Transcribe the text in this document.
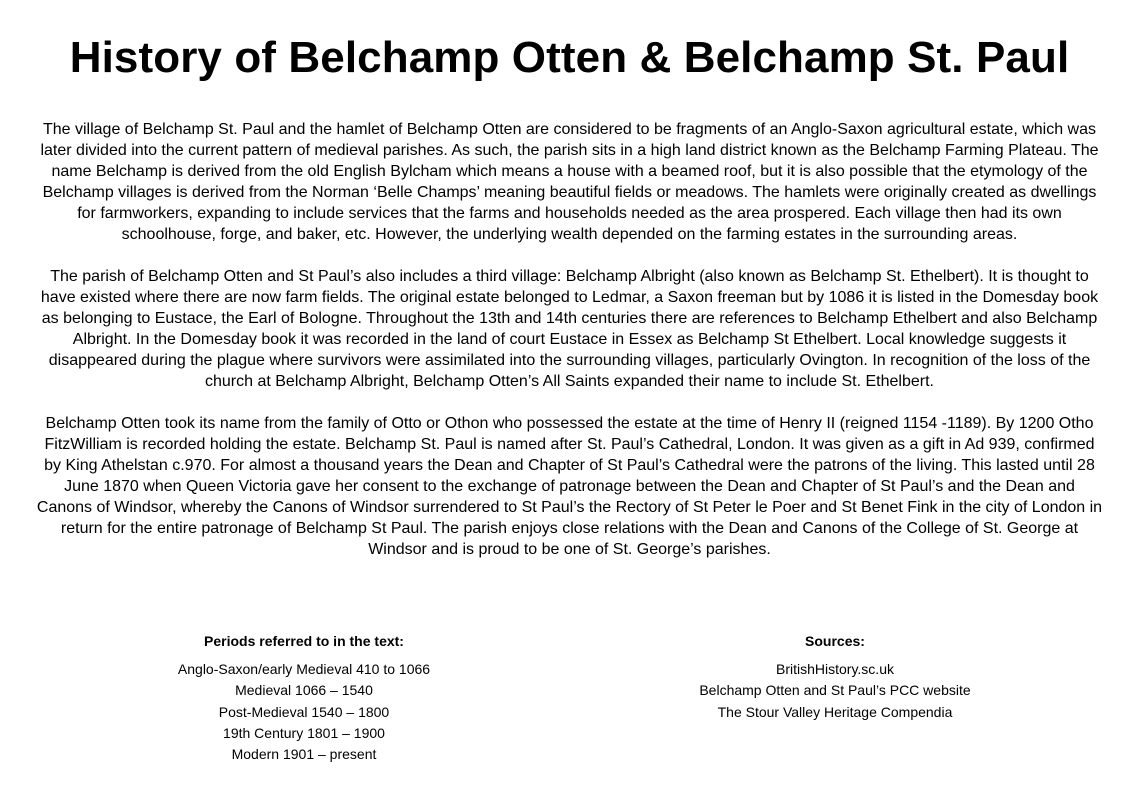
History of Belchamp Otten & Belchamp St. Paul

The village of Belchamp St. Paul and the hamlet of Belchamp Otten are considered to be fragments of an Anglo-Saxon agricultural estate, which was later divided into the current pattern of medieval parishes. As such, the parish sits in a high land district known as the Belchamp Farming Plateau. The name Belchamp is derived from the old English Bylcham which means a house with a beamed roof, but it is also possible that the etymology of the Belchamp villages is derived from the Norman ‘Belle Champs’ meaning beautiful fields or meadows. The hamlets were originally created as dwellings for farmworkers, expanding to include services that the farms and households needed as the area prospered. Each village then had its own schoolhouse, forge, and baker, etc. However, the underlying wealth depended on the farming estates in the surrounding areas.

The parish of Belchamp Otten and St Paul’s also includes a third village: Belchamp Albright (also known as Belchamp St. Ethelbert). It is thought to have existed where there are now farm fields. The original estate belonged to Ledmar, a Saxon freeman but by 1086 it is listed in the Domesday book as belonging to Eustace, the Earl of Bologne. Throughout the 13th and 14th centuries there are references to Belchamp Ethelbert and also Belchamp Albright. In the Domesday book it was recorded in the land of court Eustace in Essex as Belchamp St Ethelbert. Local knowledge suggests it disappeared during the plague where survivors were assimilated into the surrounding villages, particularly Ovington. In recognition of the loss of the church at Belchamp Albright, Belchamp Otten’s All Saints expanded their name to include St. Ethelbert.

Belchamp Otten took its name from the family of Otto or Othon who possessed the estate at the time of Henry II (reigned 1154 -1189). By 1200 Otho FitzWilliam is recorded holding the estate. Belchamp St. Paul is named after St. Paul’s Cathedral, London. It was given as a gift in Ad 939, confirmed by King Athelstan c.970. For almost a thousand years the Dean and Chapter of St Paul’s Cathedral were the patrons of the living. This lasted until 28 June 1870 when Queen Victoria gave her consent to the exchange of patronage between the Dean and Chapter of St Paul’s and the Dean and Canons of Windsor, whereby the Canons of Windsor surrendered to St Paul’s the Rectory of St Peter le Poer and St Benet Fink in the city of London in return for the entire patronage of Belchamp St Paul. The parish enjoys close relations with the Dean and Canons of the College of St. George at Windsor and is proud to be one of St. George’s parishes.

Periods referred to in the text:
Anglo-Saxon/early Medieval 410 to 1066
Medieval 1066 – 1540
Post-Medieval 1540 – 1800
19th Century 1801 – 1900
Modern 1901 – present
Sources:
BritishHistory.sc.uk
Belchamp Otten and St Paul’s PCC website
The Stour Valley Heritage Compendia
